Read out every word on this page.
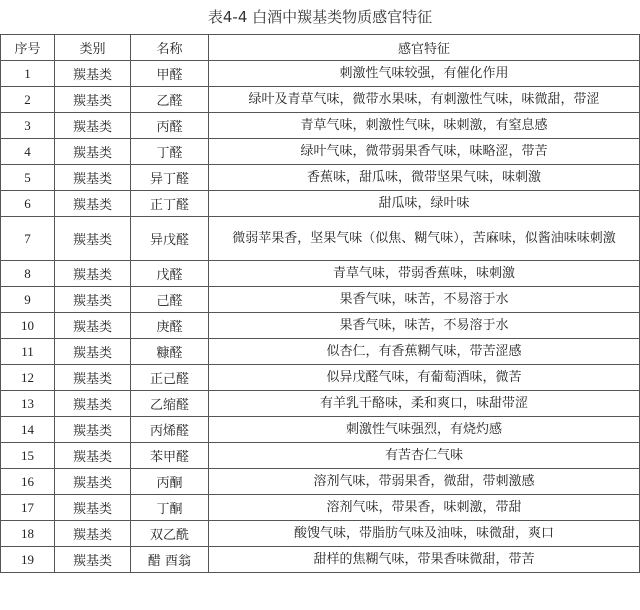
表4-4 白酒中羰基类物质感官特征
序号	类别	名称	感官特征
1	羰基类	甲醛	刺激性气味较强，有催化作用
2	羰基类	乙醛	绿叶及青草气味，微带水果味，有刺激性气味，味微甜，带涩
3	羰基类	丙醛	青草气味，刺激性气味，味刺激，有窒息感
4	羰基类	丁醛	绿叶气味，微带弱果香气味，味略涩，带苦
5	羰基类	异丁醛	香蕉味，甜瓜味，微带坚果气味，味刺激
6	羰基类	正丁醛	甜瓜味，绿叶味
7	羰基类	异戊醛	微弱苹果香，坚果气味（似焦、糊气味），苦麻味，似酱油味味刺激
8	羰基类	戊醛	青草气味，带弱香蕉味，味刺激
9	羰基类	己醛	果香气味，味苦，不易溶于水
10	羰基类	庚醛	果香气味，味苦，不易溶于水
11	羰基类	糠醛	似杏仁，有香蕉糊气味，带苦涩感
12	羰基类	正己醛	似异戊醛气味，有葡萄酒味，微苦
13	羰基类	乙缩醛	有羊乳干酪味，柔和爽口，味甜带涩
14	羰基类	丙烯醛	刺激性气味强烈，有烧灼感
15	羰基类	苯甲醛	有苦杏仁气味
16	羰基类	丙酮	溶剂气味，带弱果香，微甜，带刺激感
17	羰基类	丁酮	溶剂气味，带果香，味刺激，带甜
18	羰基类	双乙酰	酸馊气味，带脂肪气味及油味，味微甜，爽口
19	羰基类	醋 酉翁	甜样的焦糊气味，带果香味微甜，带苦
